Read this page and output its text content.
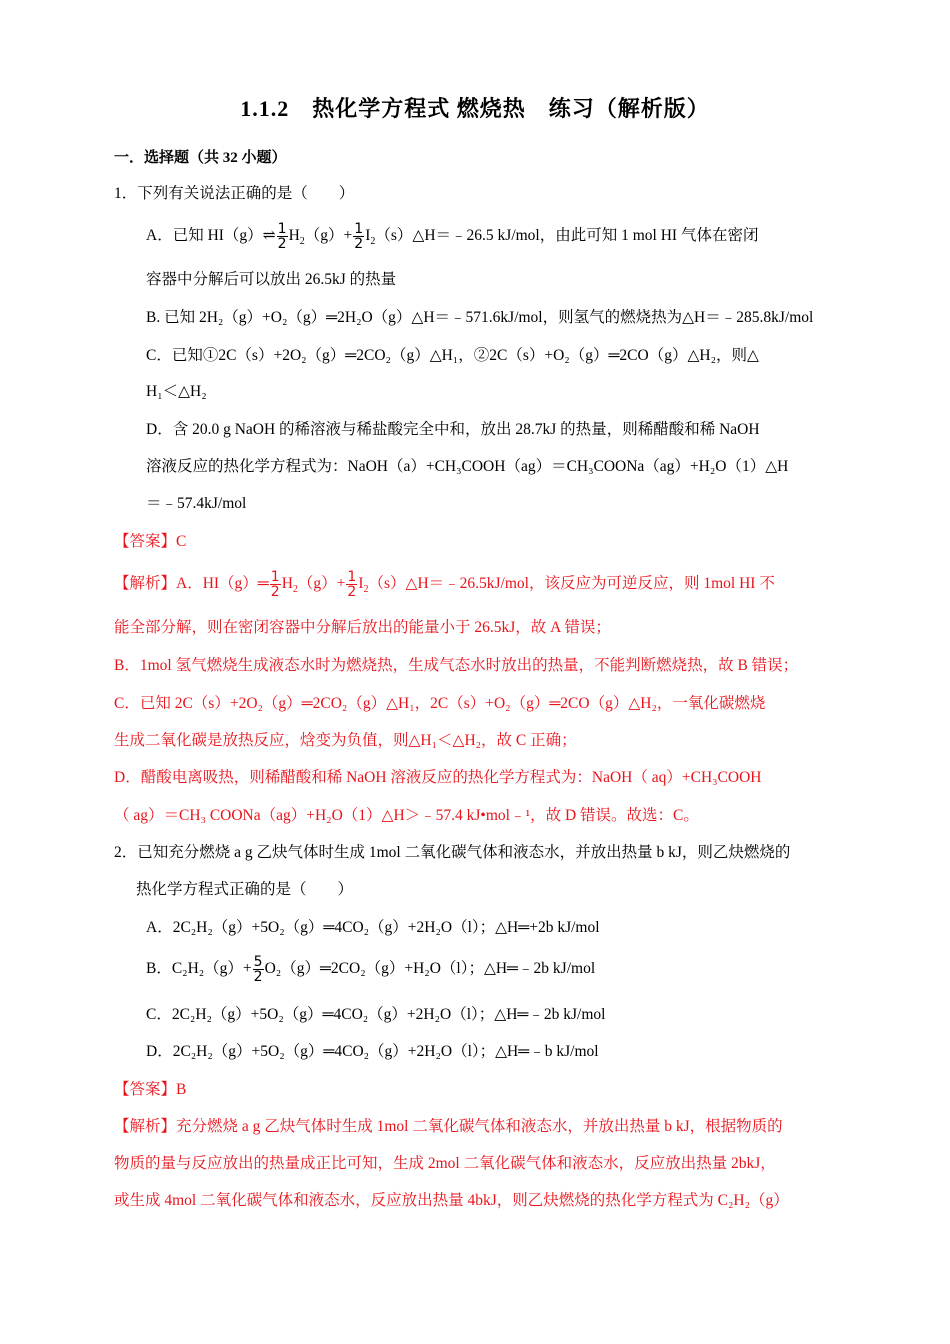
1.1.2　热化学方程式 燃烧热　练习（解析版）
一．选择题（共 32 小题）
1．下列有关说法正确的是（　　）
A．已知 HI（g）⇌ $\frac{1}{2} H_2(g)+ \frac{1}{2}$ $I_2(s)\triangle H=﹣26.5$ kJ/mol，由此可知 1 mol HI 气体在密闭
容器中分解后可以放出 26.5kJ 的热量
B. 已知 2H₂（g）+O₂（g）═2H₂O（g）△H＝﹣571.6kJ/mol，则氢气的燃烧热为△H＝﹣285.8kJ/mol
C．已知①2C（s）+2O₂（g）═2CO₂（g）△H₁，②2C（s）+O₂（g）═2CO（g）△H₂，则△
H₁＜△H₂
D．含 20.0 g NaOH 的稀溶液与稀盐酸完全中和，放出 28.7kJ 的热量，则稀醋酸和稀 NaOH
溶液反应的热化学方程式为：NaOH（a）+CH₃COOH（ag）＝CH₃COONa（ag）+H₂O（1）△H
＝﹣57.4kJ/mol
【答案】C
【解析】A．HI（g）═ $\frac{1}{2} H_2(g)+ \frac{1}{2}$ $I_2(s)\triangle H=﹣26.5kJ$/mol，该反应为可逆反应，则 1mol HI 不
能全部分解，则在密闭容器中分解后放出的能量小于 26.5kJ，故 A 错误；
B．1mol 氢气燃烧生成液态水时为燃烧热，生成气态水时放出的热量，不能判断燃烧热，故 B 错误；
C．已知 2C（s）+2O₂（g）═2CO₂（g）△H₁，2C（s）+O₂（g）═2CO（g）△H₂，一氧化碳燃烧
生成二氧化碳是放热反应，焓变为负值，则△H₁＜△H₂，故 C 正确；
D．醋酸电离吸热，则稀醋酸和稀 NaOH 溶液反应的热化学方程式为：NaOH（ aq）+CH₃COOH
（ ag）＝CH₃ COONa（ag）+H₂O（1）△H＞﹣57.4 kJ•mol﹣¹，故 D 错误。故选：C。
2．已知充分燃烧 a g 乙炔气体时生成 1mol 二氧化碳气体和液态水，并放出热量 b kJ，则乙炔燃烧的
热化学方程式正确的是（　　）
A．2C₂H₂（g）+5O₂（g）═4CO₂（g）+2H₂O（l）；△H═+2b kJ/mol
B．$C_2H_2(g)+ \frac{5}{2}$ O₂（g）═2CO₂（g）+H₂O（l）；△H═﹣2b kJ/mol
C．2C₂H₂（g）+5O₂（g）═4CO₂（g）+2H₂O（l）；△H═﹣2b kJ/mol
D．2C₂H₂（g）+5O₂（g）═4CO₂（g）+2H₂O（l）；△H═﹣b kJ/mol
【答案】B
【解析】充分燃烧 a g 乙炔气体时生成 1mol 二氧化碳气体和液态水，并放出热量 b kJ，根据物质的
物质的量与反应放出的热量成正比可知，生成 2mol 二氧化碳气体和液态水，反应放出热量 2bkJ，
或生成 4mol 二氧化碳气体和液态水，反应放出热量 4bkJ，则乙炔燃烧的热化学方程式为 C₂H₂（g）
